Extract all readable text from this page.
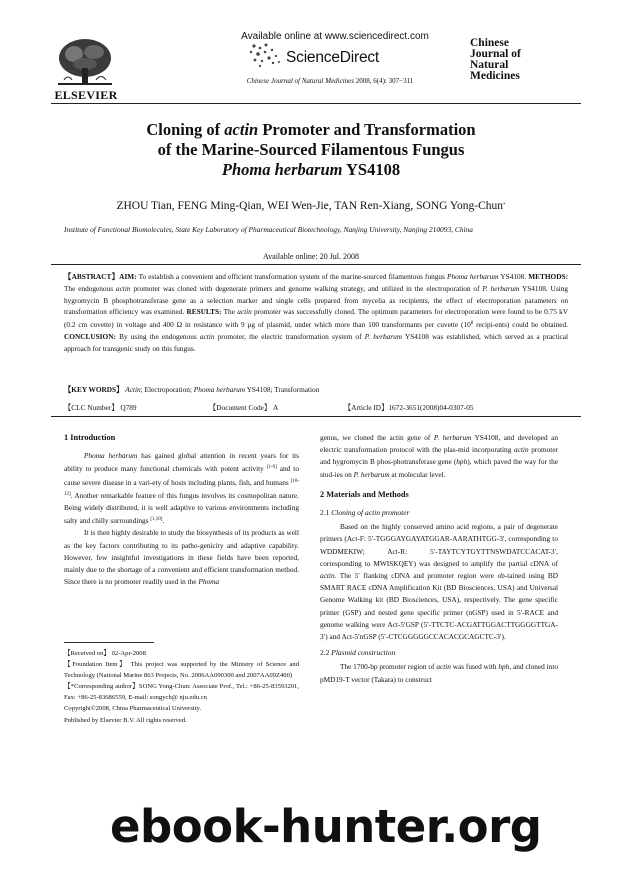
ELSEVIER
Available online at www.sciencedirect.com
ScienceDirect
Chinese Journal of Natural Medicines 2008, 6(4): 307−311
Chinese
Journal of
Natural
Medicines
Cloning of actin Promoter and Transformation
of the Marine-Sourced Filamentous Fungus
Phoma herbarum YS4108
ZHOU Tian, FENG Ming-Qian, WEI Wen-Jie, TAN Ren-Xiang, SONG Yong-Chun*
Institute of Functional Biomolecules, State Key Laboratory of Pharmaceutical Biotechnology, Nanjing University, Nanjing 210093, China
Available online: 20 Jul. 2008
【ABSTRACT】AIM: To establish a convenient and efficient transformation system of the marine-sourced filamentous fungus Phoma herbarum YS4108. METHODS: The endogenous actin promoter was cloned with degenerate primers and genome walking strategy, and utilized in the electroporation of P. herbarum YS4108. Using hygromycin B phosphotransferase gene as a selection marker and single cells prepared from mycelia as recipients, the effect of electroporation parameters on transformation efficiency was examined. RESULTS: The actin promoter was successfully cloned. The optimum parameters for electroporation were found to be 0.75 kV (0.2 cm cuvette) in voltage and 400 Ω in resistance with 9 μg of plasmid, under which more than 100 transformants per cuvette ($10^8$ recipi-ents) could be obtained. CONCLUSION: By using the endogenous actin promoter, the electric transformation system of P. herbarum YS4108 was established, which served as a practical approach for transgenic study on this fungus.
【KEY WORDS】 Actin; Electroporation; Phoma herbarum YS4108; Transformation
【CLC Number】 Q789	【Document Code】 A	【Article ID】1672-3651(2008)04-0307-05
1 Introduction

Phoma herbarum has gained global attention in recent years for its ability to produce many functional chemicals with potent activity [1-9] and to cause severe disease in a vari-ety of hosts including plants, fish, and humans [10-12]. Another remarkable feature of this fungus involves its cosmopolitan nature. Being widely distributed, it is well adaptive to various environments including salty and chilly surroundings [1,10].

It is then highly desirable to study the biosynthesis of its products as well as the key factors contributing to its patho-genicity and adaptive capability. However, few insightful investigations in these fields have been reported, mainly due to the shortage of a convenient and efficient transformation method. Since there is no promoter readily used in the Phoma

【Received on】 02-Apr-2008
【Foundation Item】 This project was supported by the Ministry of Science and Technology (National Marine 863 Projects, No. 2006AA090300 and 2007AA09Z400)
【*Corresponding author】SONG Yong-Chun: Associate Prof., Tel.: +86-25-83593201, Fax: +86-25-83686559, E-mail: songych@ nju.edu.cn
Copyright©2008, China Pharmaceutical University.
Published by Elsevier B.V. All rights reserved.

genus, we cloned the actin gene of P. herbarum YS4108, and developed an electric transformation protocol with the plas-mid incorporating actin promoter and hygromycin B phos-photransferase gene (hph), which paved the way for the stud-ies on P. herbarum at molecular level.

2 Materials and Methods
2.1 Cloning of actin promoter

Based on the highly conserved amino acid regions, a pair of degenerate primers (Act-F: 5′-TGGGAYGAYATGGAR-AARATHTGG-3′, corresponding to WDDMEKIW; Act-R: 5′-TAYTCYTGYTTNSWDATCCACAT-3′, corresponding to MWISKQEY) was designed to amplify the partial cDNA of actin. The 5′ flanking cDNA and promoter region were ob-tained using BD SMART RACE cDNA Amplification Kit (BD Biosciences, USA) and Universal Genome Walking kit (BD Biosciences, USA), respectively. The gene specific primer (GSP) and nested gene specific primer (nGSP) used in 5′-RACE and genome walking were Act-5′GSP (5′-TTCTC-ACGATTGGACTTGGGGTTGA-3′) and Act-5′nGSP (5′-CTCGGGGGCCACACGCAGCTC-3′).

2.2 Plasmid construction

The 1700-bp promoter region of actin was fused with hph, and cloned into pMD19-T vector (Takara) to construct

ebook-hunter.org
